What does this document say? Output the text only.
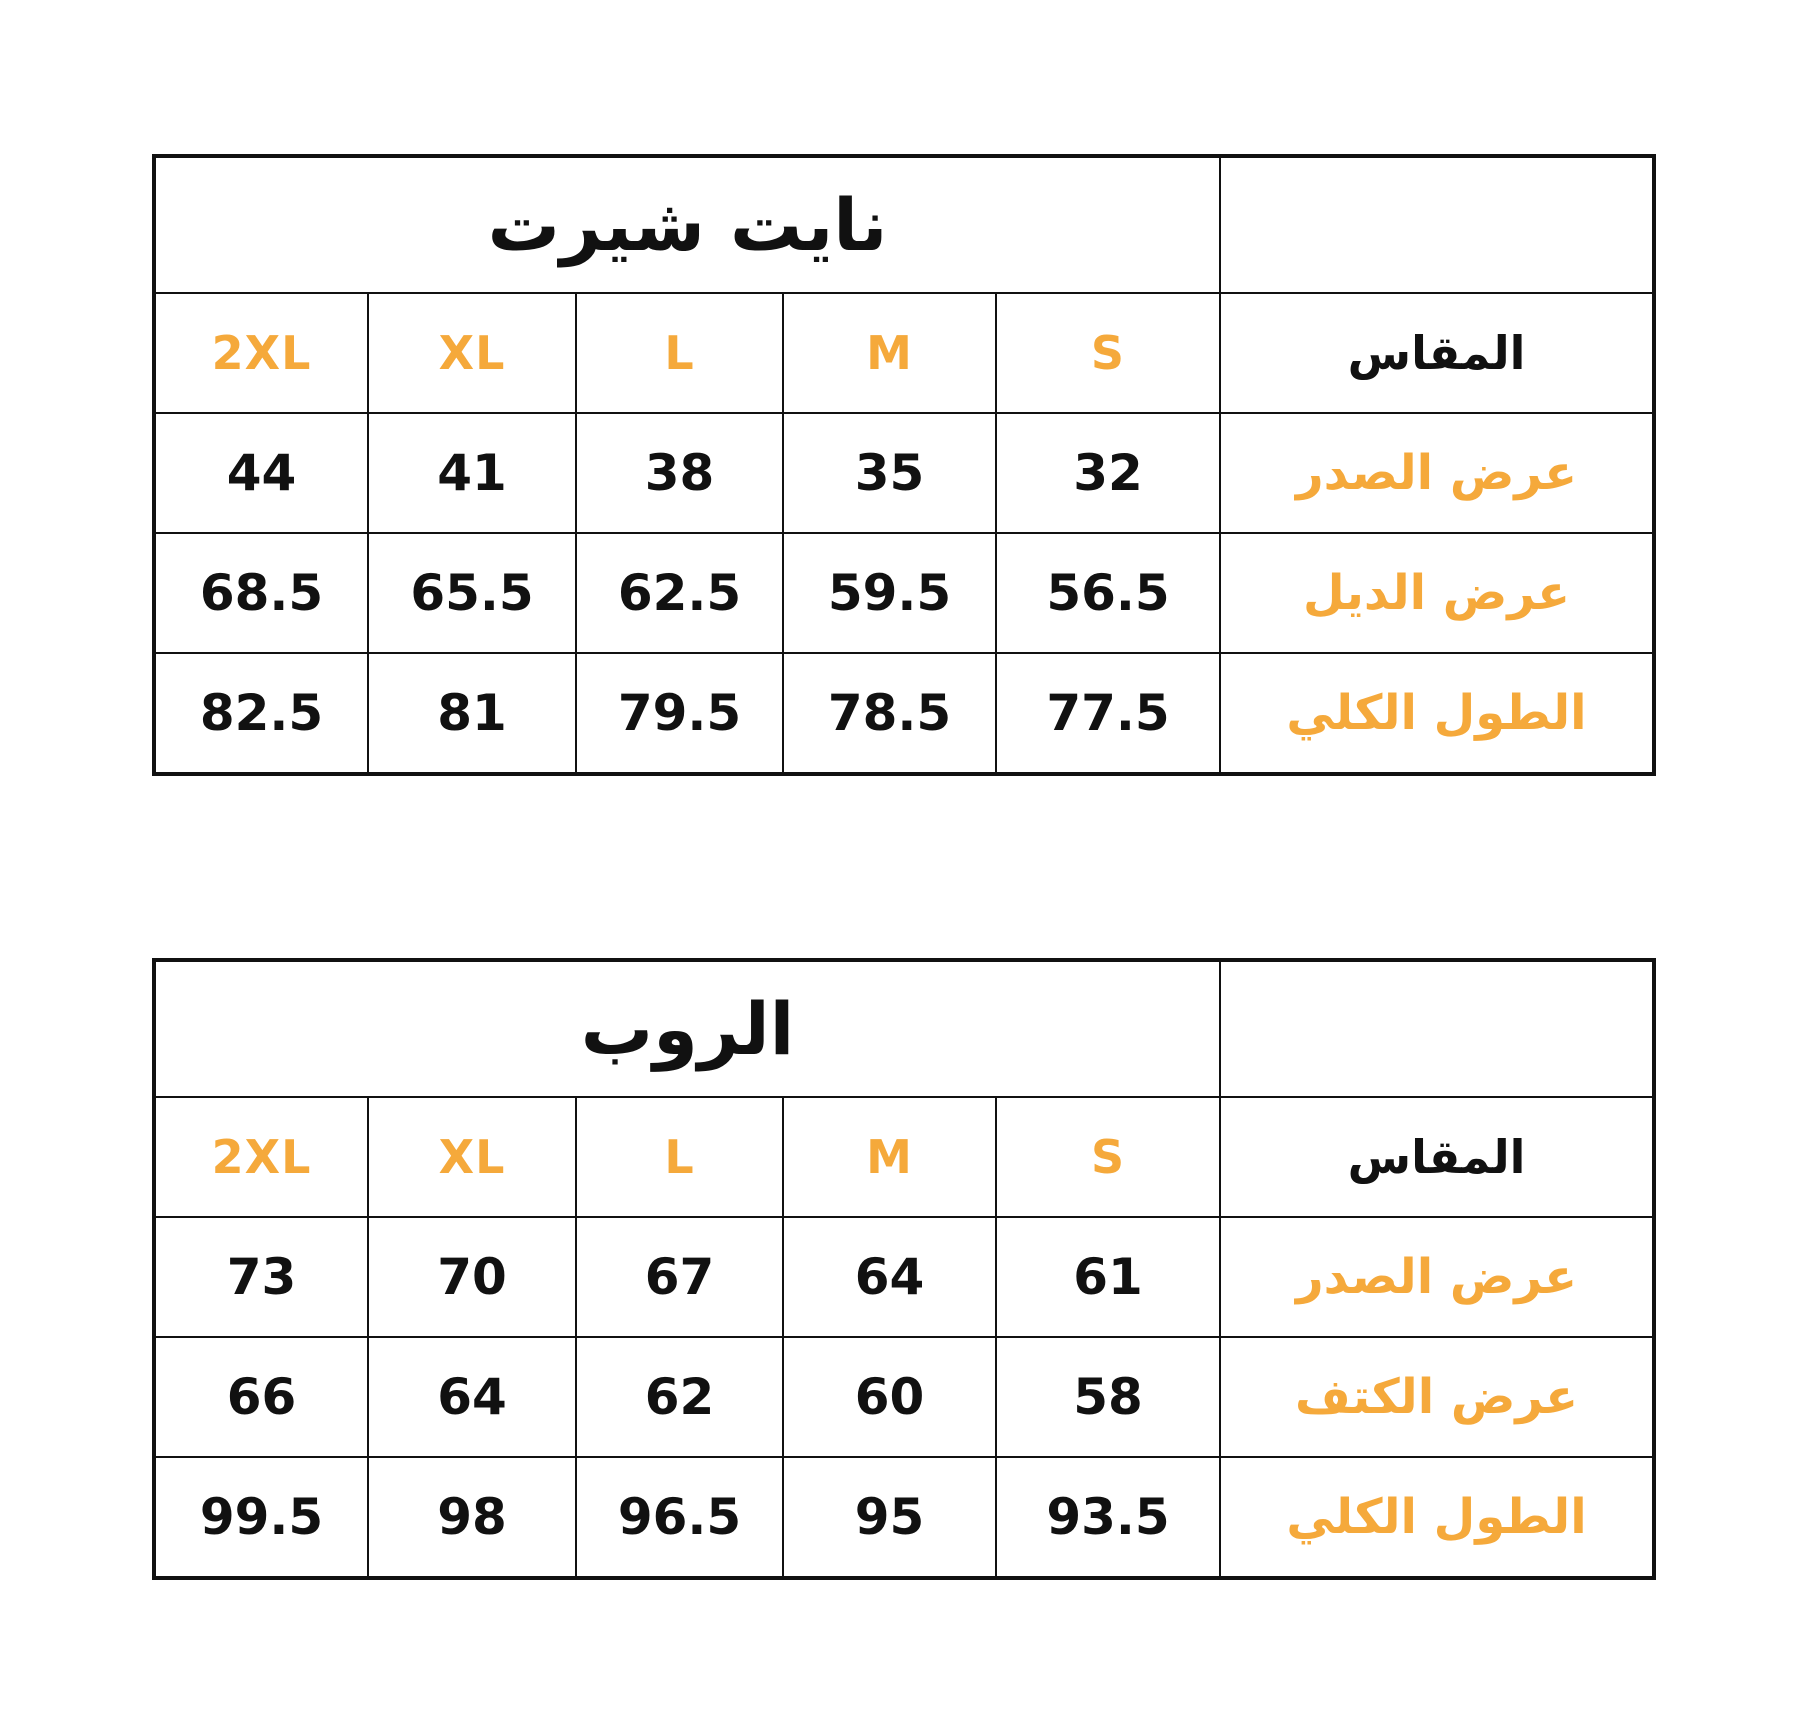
نايت شيرت					
2XL	XL	L	M	S	المقاس
44	41	38	35	32	عرض الصدر
68.5	65.5	62.5	59.5	56.5	عرض الديل
82.5	81	79.5	78.5	77.5	الطول الكلي
الروب					
2XL	XL	L	M	S	المقاس
73	70	67	64	61	عرض الصدر
66	64	62	60	58	عرض الكتف
99.5	98	96.5	95	93.5	الطول الكلي
